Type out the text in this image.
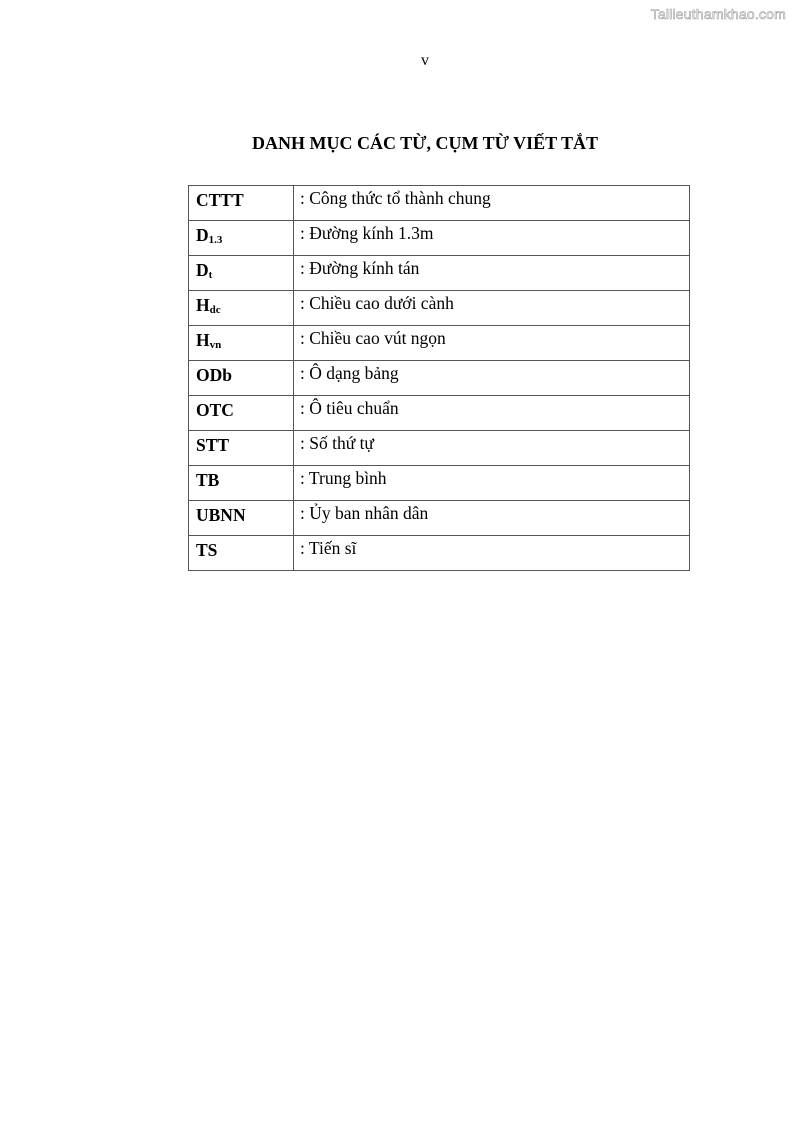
Tailieuthamkhao.com
v
DANH MỤC CÁC TỪ, CỤM TỪ VIẾT TẮT
CTTT	: Công thức tổ thành chung
$D_{1.3}$	: Đường kính 1.3m
$D_t$	: Đường kính tán
$H_{dc}$	: Chiều cao dưới cành
$H_{vn}$	: Chiều cao vút ngọn
ODb	: Ô dạng bảng
OTC	: Ô tiêu chuẩn
STT	: Số thứ tự
TB	: Trung bình
UBNN	: Ủy ban nhân dân
TS	: Tiến sĩ
